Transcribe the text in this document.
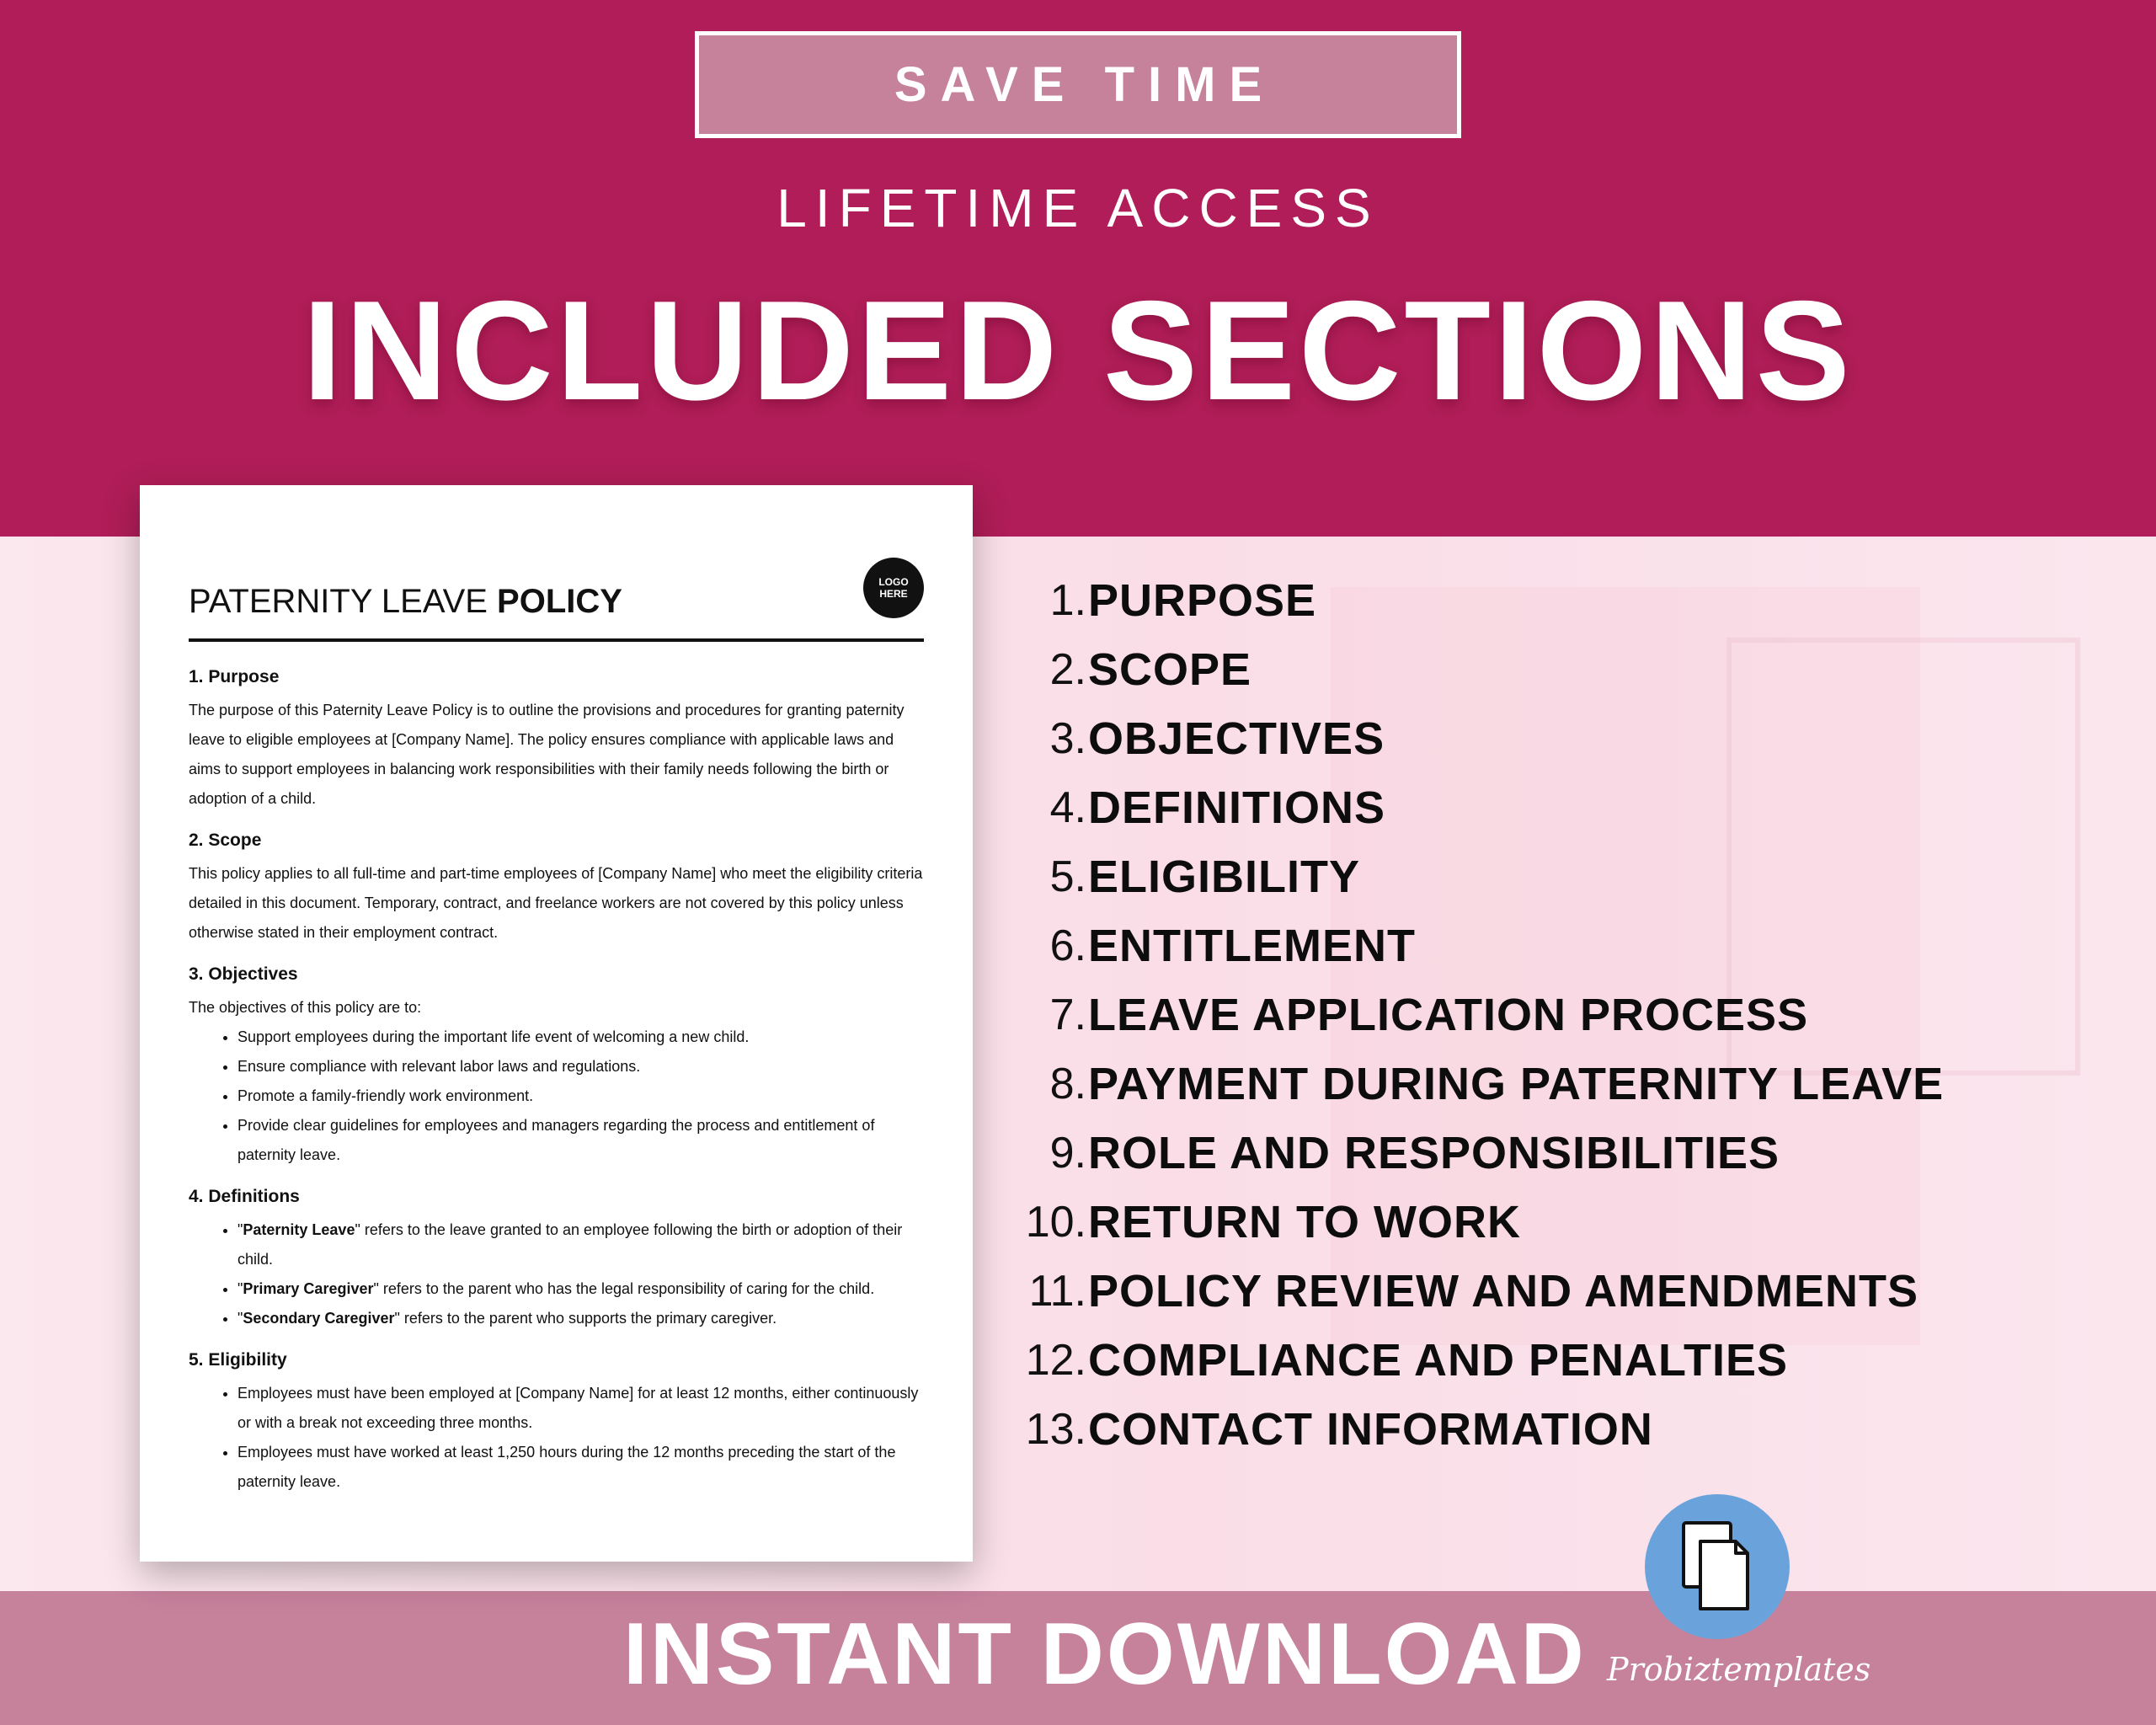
SAVE TIME
LIFETIME ACCESS
INCLUDED SECTIONS
PATERNITY LEAVE POLICY
LOGO
HERE
1. Purpose
The purpose of this Paternity Leave Policy is to outline the provisions and procedures for granting paternity leave to eligible employees at [Company Name]. The policy ensures compliance with applicable laws and aims to support employees in balancing work responsibilities with their family needs following the birth or adoption of a child.
2. Scope
This policy applies to all full-time and part-time employees of [Company Name] who meet the eligibility criteria detailed in this document. Temporary, contract, and freelance workers are not covered by this policy unless otherwise stated in their employment contract.
3. Objectives
The objectives of this policy are to:
• Support employees during the important life event of welcoming a new child.
• Ensure compliance with relevant labor laws and regulations.
• Promote a family-friendly work environment.
• Provide clear guidelines for employees and managers regarding the process and entitlement of paternity leave.
4. Definitions
• "Paternity Leave" refers to the leave granted to an employee following the birth or adoption of their child.
• "Primary Caregiver" refers to the parent who has the legal responsibility of caring for the child.
• "Secondary Caregiver" refers to the parent who supports the primary caregiver.
5. Eligibility
• Employees must have been employed at [Company Name] for at least 12 months, either continuously or with a break not exceeding three months.
• Employees must have worked at least 1,250 hours during the 12 months preceding the start of the paternity leave.
1. PURPOSE
2. SCOPE
3. OBJECTIVES
4. DEFINITIONS
5. ELIGIBILITY
6. ENTITLEMENT
7. LEAVE APPLICATION PROCESS
8. PAYMENT DURING PATERNITY LEAVE
9. ROLE AND RESPONSIBILITIES
10. RETURN TO WORK
11. POLICY REVIEW AND AMENDMENTS
12. COMPLIANCE AND PENALTIES
13. CONTACT INFORMATION
INSTANT DOWNLOAD Probiztemplates
